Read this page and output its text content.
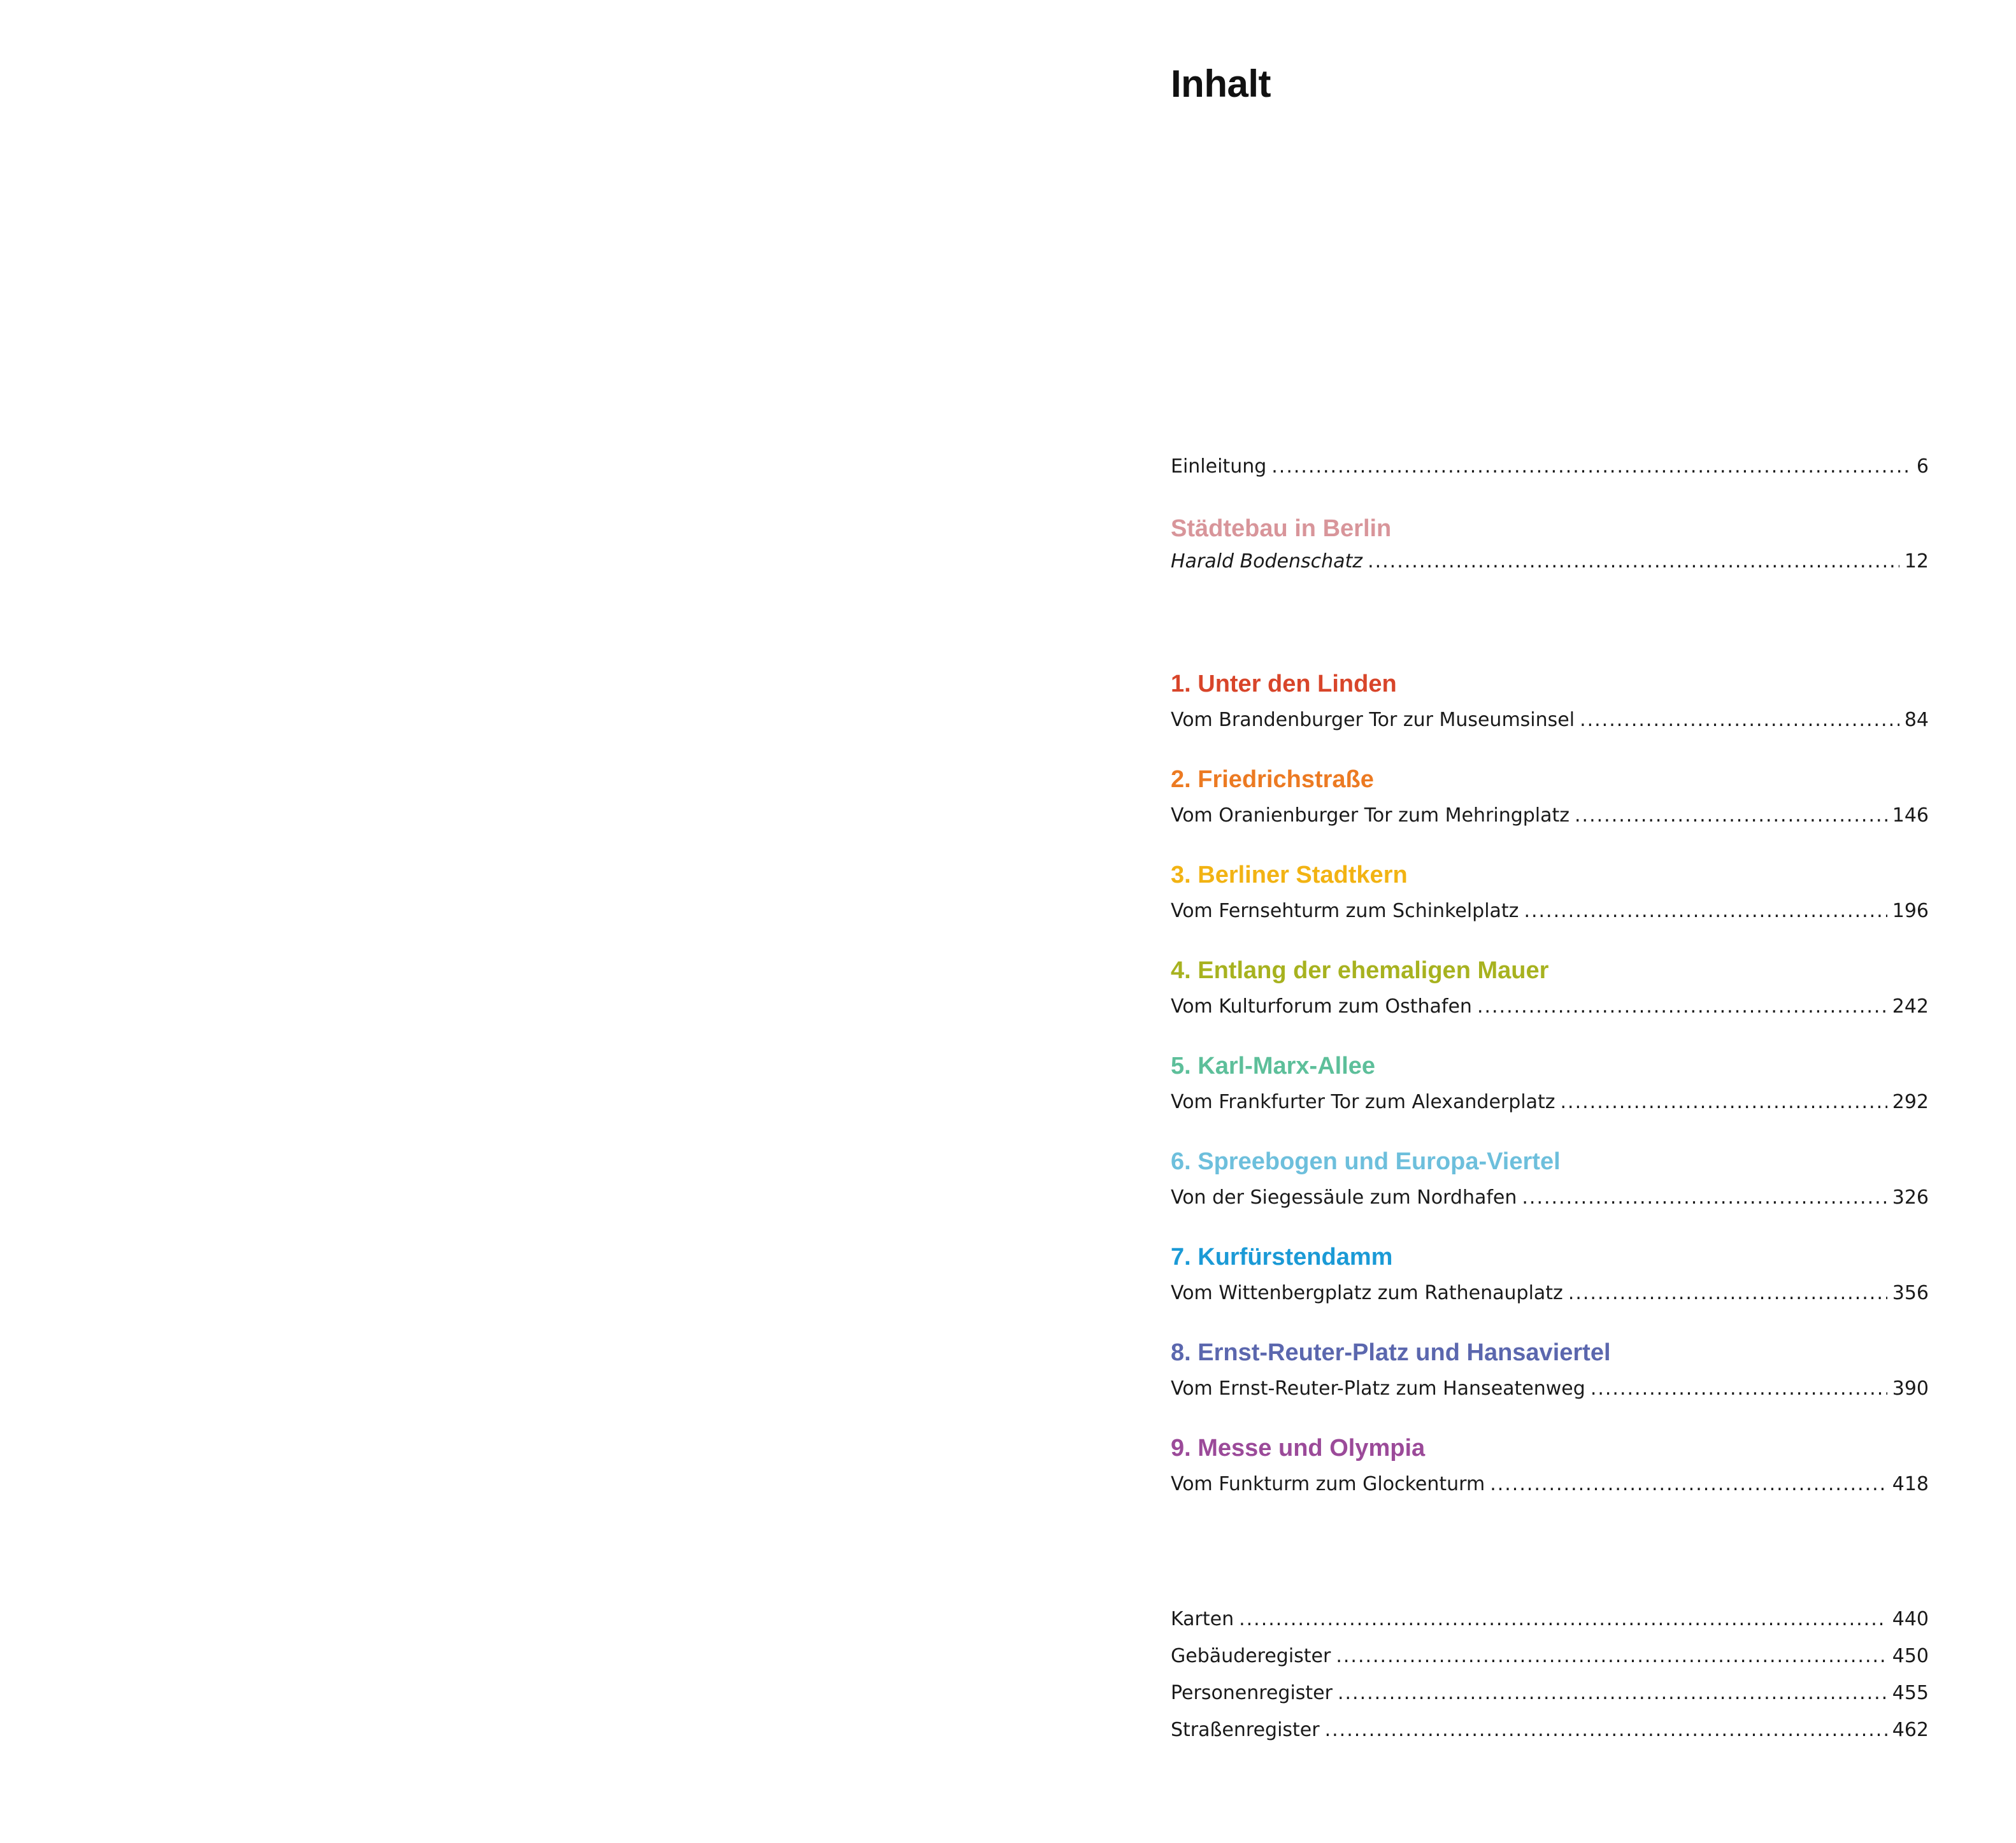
Inhalt
Einleitung .....	6
Städtebau in Berlin
Harald Bodenschatz .....	12
1. Unter den Linden
Vom Brandenburger Tor zur Museumsinsel .....	84
2. Friedrichstraße
Vom Oranienburger Tor zum Mehringplatz .....	146
3. Berliner Stadtkern
Vom Fernsehturm zum Schinkelplatz .....	196
4. Entlang der ehemaligen Mauer
Vom Kulturforum zum Osthafen .....	242
5. Karl-Marx-Allee
Vom Frankfurter Tor zum Alexanderplatz .....	292
6. Spreebogen und Europa-Viertel
Von der Siegessäule zum Nordhafen .....	326
7. Kurfürstendamm
Vom Wittenbergplatz zum Rathenauplatz .....	356
8. Ernst-Reuter-Platz und Hansaviertel
Vom Ernst-Reuter-Platz zum Hanseatenweg .....	390
9. Messe und Olympia
Vom Funkturm zum Glockenturm .....	418
Karten .....	440
Gebäuderegister .....	450
Personenregister .....	455
Straßenregister .....	462
